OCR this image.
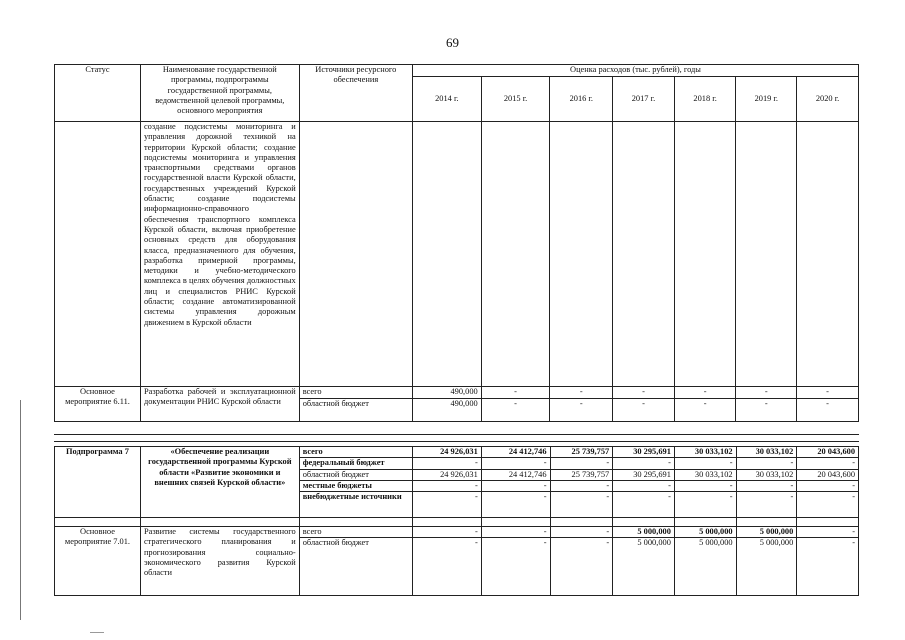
69
Статус	Наименование государственной программы, подпрограммы государственной программы, ведомственной целевой программы, основного мероприятия	Источники ресурсного обеспечения	Оценка расходов (тыс. рублей), годы						
			2014 г.	2015 г.	2016 г.	2017 г.	2018 г.	2019 г.	2020 г.
	создание подсистемы мониторинга и управления дорожной техникой на территории Курской области; создание подсистемы мониторинга и управления транспортными средствами органов государственной власти Курской области, государственных учреждений Курской области; создание подсистемы информационно-справочного обеспечения транспортного комплекса Курской области, включая приобретение основных средств для оборудования класса, предназначенного для обучения, разработка примерной программы, методики и учебно-методического комплекса в целях обучения должностных лиц и специалистов РНИС Курской области; создание автоматизированной системы управления дорожным движением в Курской области								
Основное мероприятие 6.11.	Разработка рабочей и эксплуатационной документации РНИС Курской области	всего	490,000	-	-	-	-	-	-
		областной бюджет	490,000	-	-	-	-	-	-
Подпрограмма 7	«Обеспечение реализации государственной программы Курской области «Развитие экономики и внешних связей Курской области»	всего	24 926,031	24 412,746	25 739,757	30 295,691	30 033,102	30 033,102	20 043,600
		федеральный бюджет	-	-	-	-	-	-	-
		областной бюджет	24 926,031	24 412,746	25 739,757	30 295,691	30 033,102	30 033,102	20 043,600
		местные бюджеты	-	-	-	-	-	-	-
		внебюджетные источники	-	-	-	-	-	-	-

Основное мероприятие 7.01.	Развитие системы государственного стратегического планирования и прогнозирования социально-экономического развития Курской области	всего	-	-	-	5 000,000	5 000,000	5 000,000	-
		областной бюджет	-	-	-	5 000,000	5 000,000	5 000,000	-
